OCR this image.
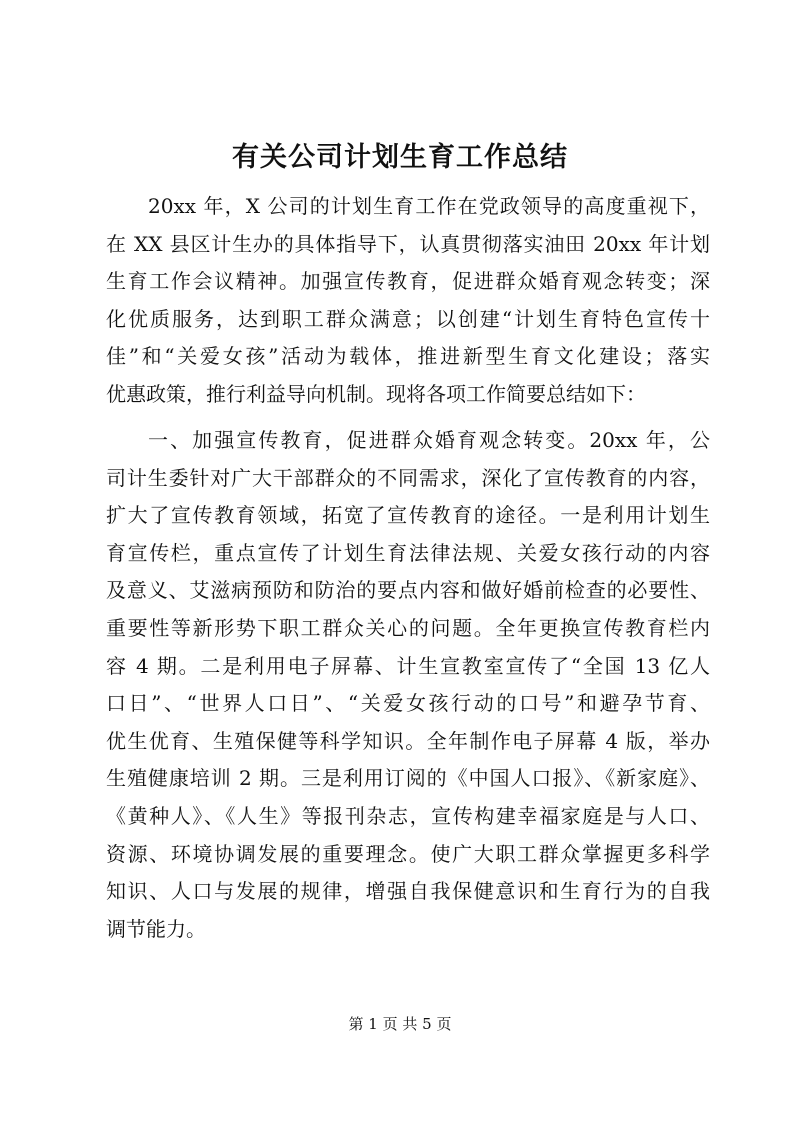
有关公司计划生育工作总结
20xx 年，X 公司的计划生育工作在党政领导的高度重视下，
在 XX 县区计生办的具体指导下，认真贯彻落实油田 20xx 年计划
生育工作会议精神。加强宣传教育，促进群众婚育观念转变；深
化优质服务，达到职工群众满意；以创建“计划生育特色宣传十
佳”和“关爱女孩”活动为载体，推进新型生育文化建设；落实
优惠政策，推行利益导向机制。现将各项工作简要总结如下：
一、加强宣传教育，促进群众婚育观念转变。20xx 年，公
司计生委针对广大干部群众的不同需求，深化了宣传教育的内容，
扩大了宣传教育领域，拓宽了宣传教育的途径。一是利用计划生
育宣传栏，重点宣传了计划生育法律法规、关爱女孩行动的内容
及意义、艾滋病预防和防治的要点内容和做好婚前检查的必要性、
重要性等新形势下职工群众关心的问题。全年更换宣传教育栏内
容 4 期。二是利用电子屏幕、计生宣教室宣传了“全国 13 亿人
口日”、“世界人口日”、“关爱女孩行动的口号”和避孕节育、
优生优育、生殖保健等科学知识。全年制作电子屏幕 4 版，举办
生殖健康培训 2 期。三是利用订阅的《中国人口报》、《新家庭》、
《黄种人》、《人生》等报刊杂志，宣传构建幸福家庭是与人口、
资源、环境协调发展的重要理念。使广大职工群众掌握更多科学
知识、人口与发展的规律，增强自我保健意识和生育行为的自我
调节能力。
第 1 页 共 5 页
